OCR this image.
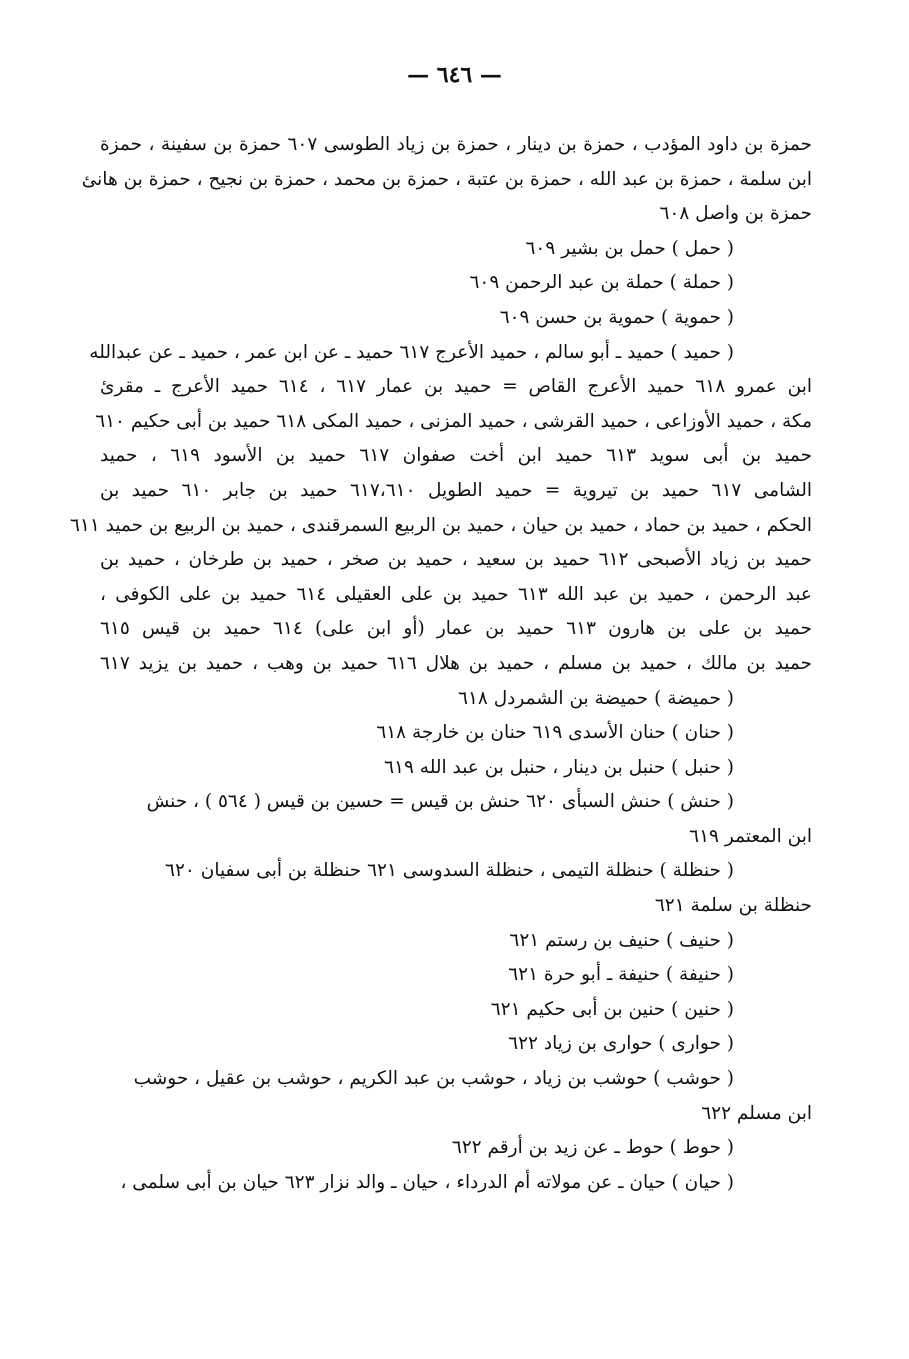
— ٦٤٦ —
حمزة بن داود المؤدب ، حمزة بن دينار ، حمزة بن زياد الطوسى ٦٠٧ حمزة بن سفينة ، حمزة
ابن سلمة ، حمزة بن عبد الله ، حمزة بن عتبة ، حمزة بن محمد ، حمزة بن نجيح ، حمزة بن هانئ
حمزة بن واصل ٦٠٨
( حمل ) حمل بن بشير ٦٠٩
( حملة ) حملة بن عبد الرحمن ٦٠٩
( حموية ) حموية بن حسن ٦٠٩
( حميد ) حميد ـ أبو سالم ، حميد الأعرج ٦١٧ حميد ـ عن ابن عمر ، حميد ـ عن عبدالله
ابن عمرو ٦١٨ حميد الأعرج القاص = حميد بن عمار ٦١٧ ، ٦١٤ حميد الأعرج ـ مقرئ
مكة ، حميد الأوزاعى ، حميد القرشى ، حميد المزنى ، حميد المكى ٦١٨ حميد بن أبى حكيم ٦١٠
حميد بن أبى سويد ٦١٣ حميد ابن أخت صفوان ٦١٧ حميد بن الأسود ٦١٩ ، حميد
الشامى ٦١٧ حميد بن تيروية = حميد الطويل ٦١٧،٦١٠ حميد بن جابر ٦١٠ حميد بن
الحكم ، حميد بن حماد ، حميد بن حيان ، حميد بن الربيع السمرقندى ، حميد بن الربيع بن حميد ٦١١
حميد بن زياد الأصبحى ٦١٢ حميد بن سعيد ، حميد بن صخر ، حميد بن طرخان ، حميد بن
عبد الرحمن ، حميد بن عبد الله ٦١٣ حميد بن على العقيلى ٦١٤ حميد بن على الكوفى ،
حميد بن على بن هارون ٦١٣ حميد بن عمار (أو ابن على) ٦١٤ حميد بن قيس ٦١٥
حميد بن مالك ، حميد بن مسلم ، حميد بن هلال ٦١٦ حميد بن وهب ، حميد بن يزيد ٦١٧
( حميضة ) حميضة بن الشمردل ٦١٨
( حنان ) حنان الأسدى ٦١٩ حنان بن خارجة ٦١٨
( حنبل ) حنبل بن دينار ، حنبل بن عبد الله ٦١٩
( حنش ) حنش السبأى ٦٢٠ حنش بن قيس = حسين بن قيس ( ٥٦٤ ) ، حنش
ابن المعتمر ٦١٩
( حنظلة ) حنظلة التيمى ، حنظلة السدوسى ٦٢١ حنظلة بن أبى سفيان ٦٢٠
حنظلة بن سلمة ٦٢١
( حنيف ) حنيف بن رستم ٦٢١
( حنيفة ) حنيفة ـ أبو حرة ٦٢١
( حنين ) حنين بن أبى حكيم ٦٢١
( حوارى ) حوارى بن زياد ٦٢٢
( حوشب ) حوشب بن زياد ، حوشب بن عبد الكريم ، حوشب بن عقيل ، حوشب
ابن مسلم ٦٢٢
( حوط ) حوط ـ عن زيد بن أرقم ٦٢٢
( حيان ) حيان ـ عن مولاته أم الدرداء ، حيان ـ والد نزار ٦٢٣ حيان بن أبى سلمى ،
